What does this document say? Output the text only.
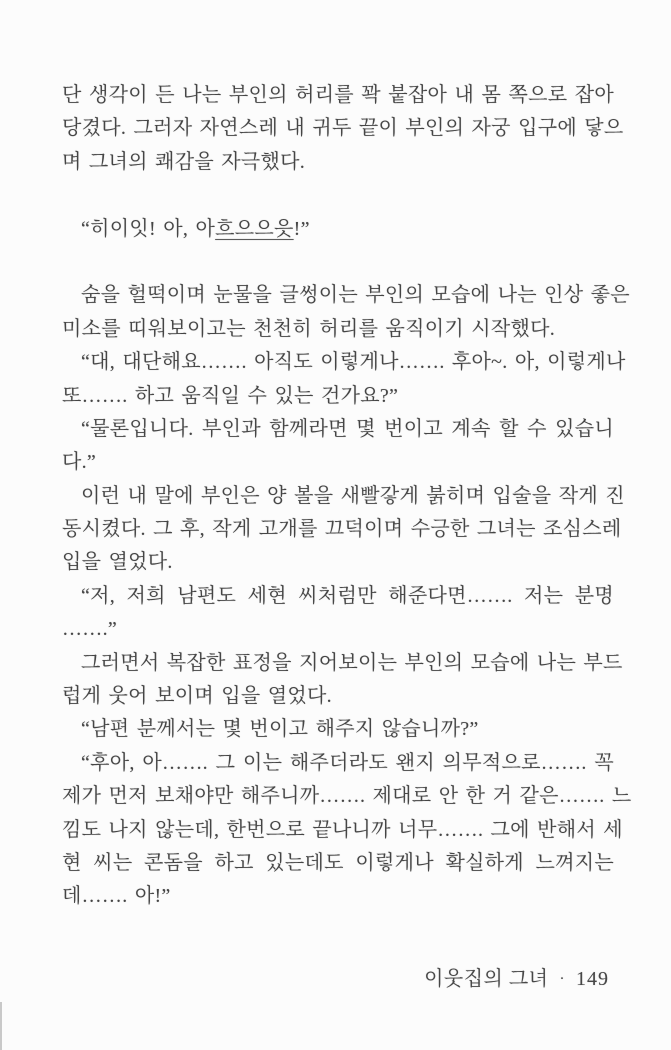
단 생각이 든 나는 부인의 허리를 꽉 붙잡아 내 몸 쪽으로 잡아
당겼다. 그러자 자연스레 내 귀두 끝이 부인의 자궁 입구에 닿으
며 그녀의 쾌감을 자극했다.
“히이잇! 아, 아흐으으읏!”
숨을 헐떡이며 눈물을 글썽이는 부인의 모습에 나는 인상 좋은
미소를 띠워보이고는 천천히 허리를 움직이기 시작했다.
“대, 대단해요……. 아직도 이렇게나……. 후아~. 아, 이렇게나
또……. 하고 움직일 수 있는 건가요?”
“물론입니다. 부인과 함께라면 몇 번이고 계속 할 수 있습니
다.”
이런 내 말에 부인은 양 볼을 새빨갛게 붉히며 입술을 작게 진
동시켰다. 그 후, 작게 고개를 끄덕이며 수긍한 그녀는 조심스레
입을 열었다.
“저, 저희 남편도 세현 씨처럼만 해준다면……. 저는 분명
…….”
그러면서 복잡한 표정을 지어보이는 부인의 모습에 나는 부드
럽게 웃어 보이며 입을 열었다.
“남편 분께서는 몇 번이고 해주지 않습니까?”
“후아, 아……. 그 이는 해주더라도 왠지 의무적으로……. 꼭
제가 먼저 보채야만 해주니까……. 제대로 안 한 거 같은……. 느
낌도 나지 않는데, 한번으로 끝나니까 너무……. 그에 반해서 세
현 씨는 콘돔을 하고 있는데도 이렇게나 확실하게 느껴지는
데……. 아!”
이웃집의 그녀 · 149
